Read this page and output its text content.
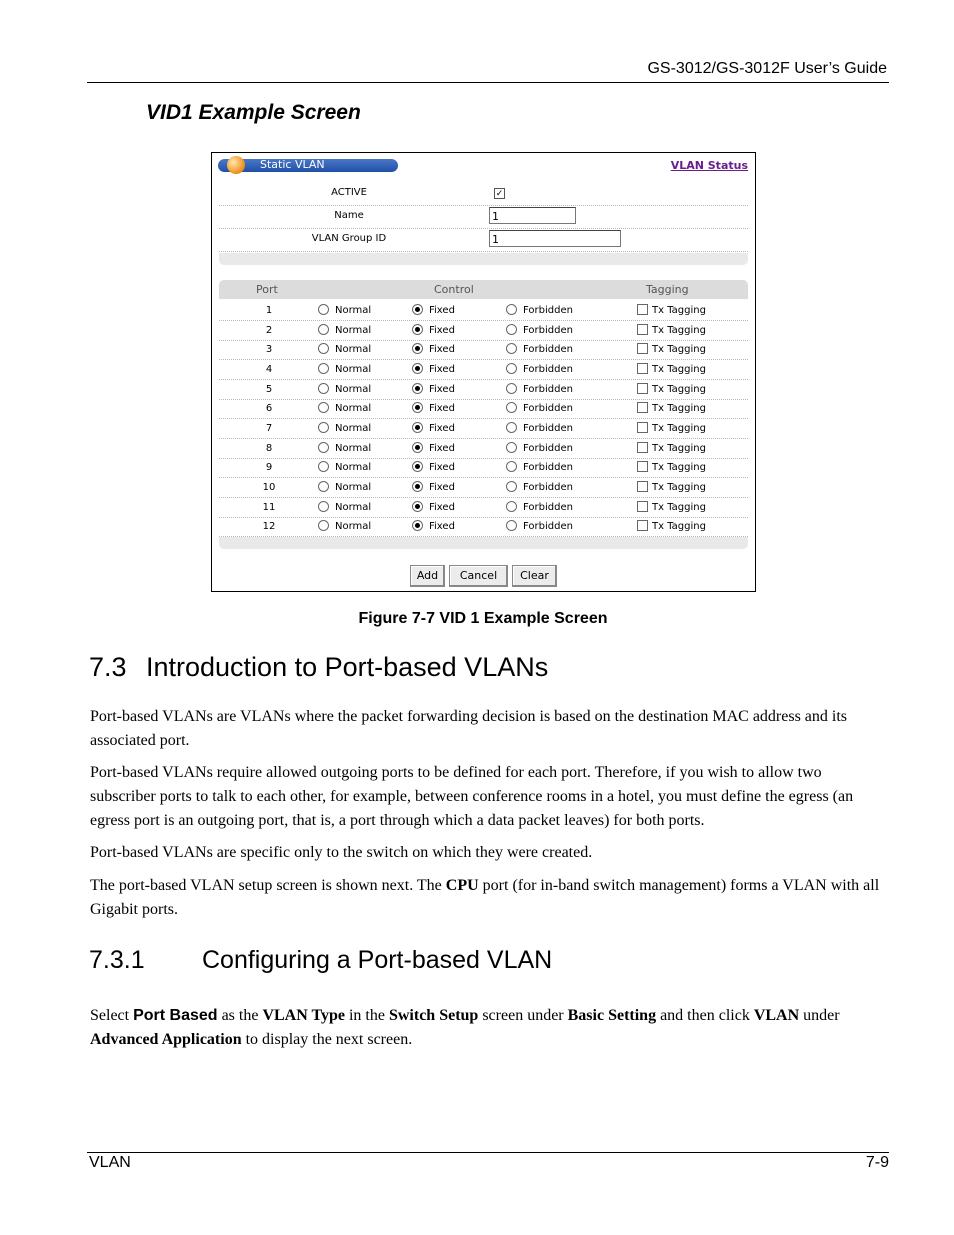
GS-3012/GS-3012F User’s Guide
VID1 Example Screen
Static VLAN	VLAN Status
ACTIVE	✓
Name	1
VLAN Group ID	1
Port	Control	Tagging
1	Normal	Fixed	Forbidden	Tx Tagging
2	Normal	Fixed	Forbidden	Tx Tagging
3	Normal	Fixed	Forbidden	Tx Tagging
4	Normal	Fixed	Forbidden	Tx Tagging
5	Normal	Fixed	Forbidden	Tx Tagging
6	Normal	Fixed	Forbidden	Tx Tagging
7	Normal	Fixed	Forbidden	Tx Tagging
8	Normal	Fixed	Forbidden	Tx Tagging
9	Normal	Fixed	Forbidden	Tx Tagging
10	Normal	Fixed	Forbidden	Tx Tagging
11	Normal	Fixed	Forbidden	Tx Tagging
12	Normal	Fixed	Forbidden	Tx Tagging
Add	Cancel	Clear
Figure 7-7 VID 1 Example Screen
7.3 Introduction to Port-based VLANs
Port-based VLANs are VLANs where the packet forwarding decision is based on the destination MAC address and its associated port.
Port-based VLANs require allowed outgoing ports to be defined for each port. Therefore, if you wish to allow two subscriber ports to talk to each other, for example, between conference rooms in a hotel, you must define the egress (an egress port is an outgoing port, that is, a port through which a data packet leaves) for both ports.
Port-based VLANs are specific only to the switch on which they were created.
The port-based VLAN setup screen is shown next. The CPU port (for in-band switch management) forms a VLAN with all Gigabit ports.
7.3.1 Configuring a Port-based VLAN
Select Port Based as the VLAN Type in the Switch Setup screen under Basic Setting and then click VLAN under Advanced Application to display the next screen.
VLAN	7-9
